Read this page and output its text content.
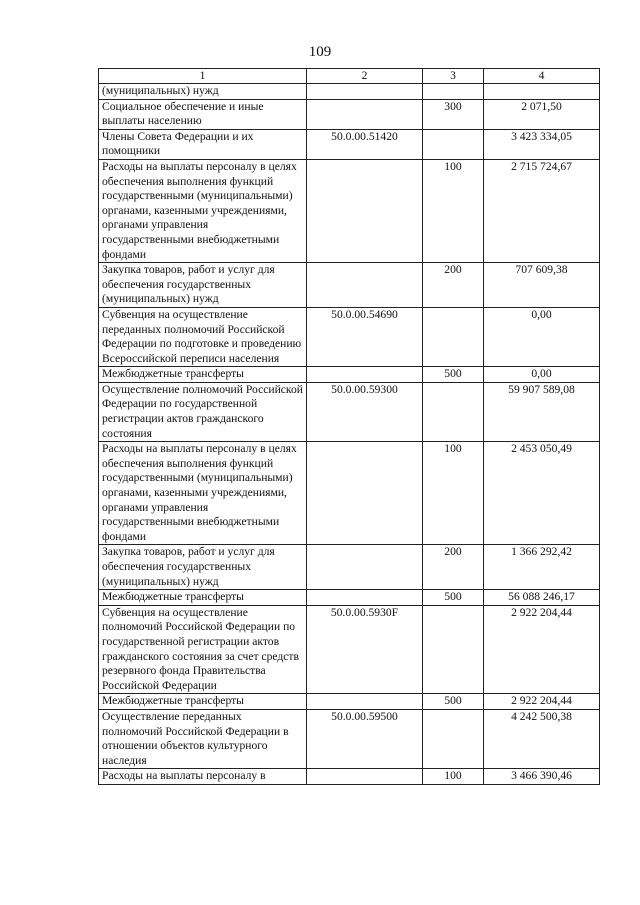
109
1	2	3	4
(муниципальных) нужд			
Социальное обеспечение и иные выплаты населению		300	2 071,50
Члены Совета Федерации и их помощники	50.0.00.51420		3 423 334,05
Расходы на выплаты персоналу в целях обеспечения выполнения функций государственными (муниципальными) органами, казенными учреждениями, органами управления государственными внебюджетными фондами		100	2 715 724,67
Закупка товаров, работ и услуг для обеспечения государственных (муниципальных) нужд		200	707 609,38
Субвенция на осуществление переданных полномочий Российской Федерации по подготовке и проведению Всероссийской переписи населения	50.0.00.54690		0,00
Межбюджетные трансферты		500	0,00
Осуществление полномочий Российской Федерации по государственной регистрации актов гражданского состояния	50.0.00.59300		59 907 589,08
Расходы на выплаты персоналу в целях обеспечения выполнения функций государственными (муниципальными) органами, казенными учреждениями, органами управления государственными внебюджетными фондами		100	2 453 050,49
Закупка товаров, работ и услуг для обеспечения государственных (муниципальных) нужд		200	1 366 292,42
Межбюджетные трансферты		500	56 088 246,17
Субвенция на осуществление полномочий Российской Федерации по государственной регистрации актов гражданского состояния за счет средств резервного фонда Правительства Российской Федерации	50.0.00.5930F		2 922 204,44
Межбюджетные трансферты		500	2 922 204,44
Осуществление переданных полномочий Российской Федерации в отношении объектов культурного наследия	50.0.00.59500		4 242 500,38
Расходы на выплаты персоналу в		100	3 466 390,46
